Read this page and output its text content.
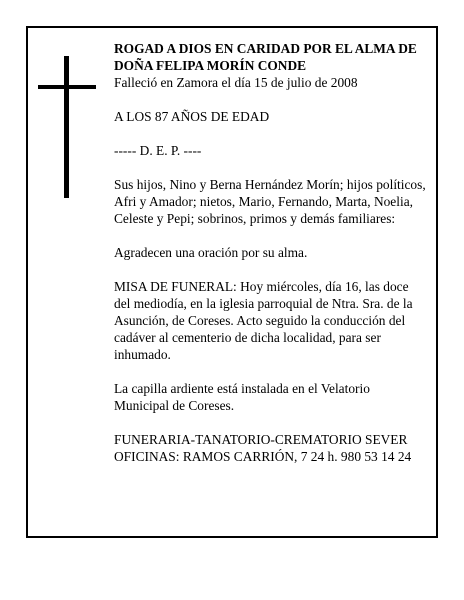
ROGAD A DIOS EN CARIDAD POR EL ALMA DE

DOÑA FELIPA MORÍN CONDE

Falleció en Zamora el día 15 de julio de 2008

A LOS 87 AÑOS DE EDAD

----- D. E. P. ----

Sus hijos, Nino y Berna Hernández Morín; hijos políticos, Afri y Amador; nietos, Mario, Fernando, Marta, Noelia, Celeste y Pepi; sobrinos, primos y demás familiares:

Agradecen una oración por su alma.

MISA DE FUNERAL: Hoy miércoles, día 16, las doce del mediodía, en la iglesia parroquial de Ntra. Sra. de la Asunción, de Coreses. Acto seguido la conducción del cadáver al cementerio de dicha localidad, para ser inhumado.

La capilla ardiente está instalada en el Velatorio Municipal de Coreses.

FUNERARIA-TANATORIO-CREMATORIO SEVER

OFICINAS: RAMOS CARRIÓN, 7 24 h. 980 53 14 24
